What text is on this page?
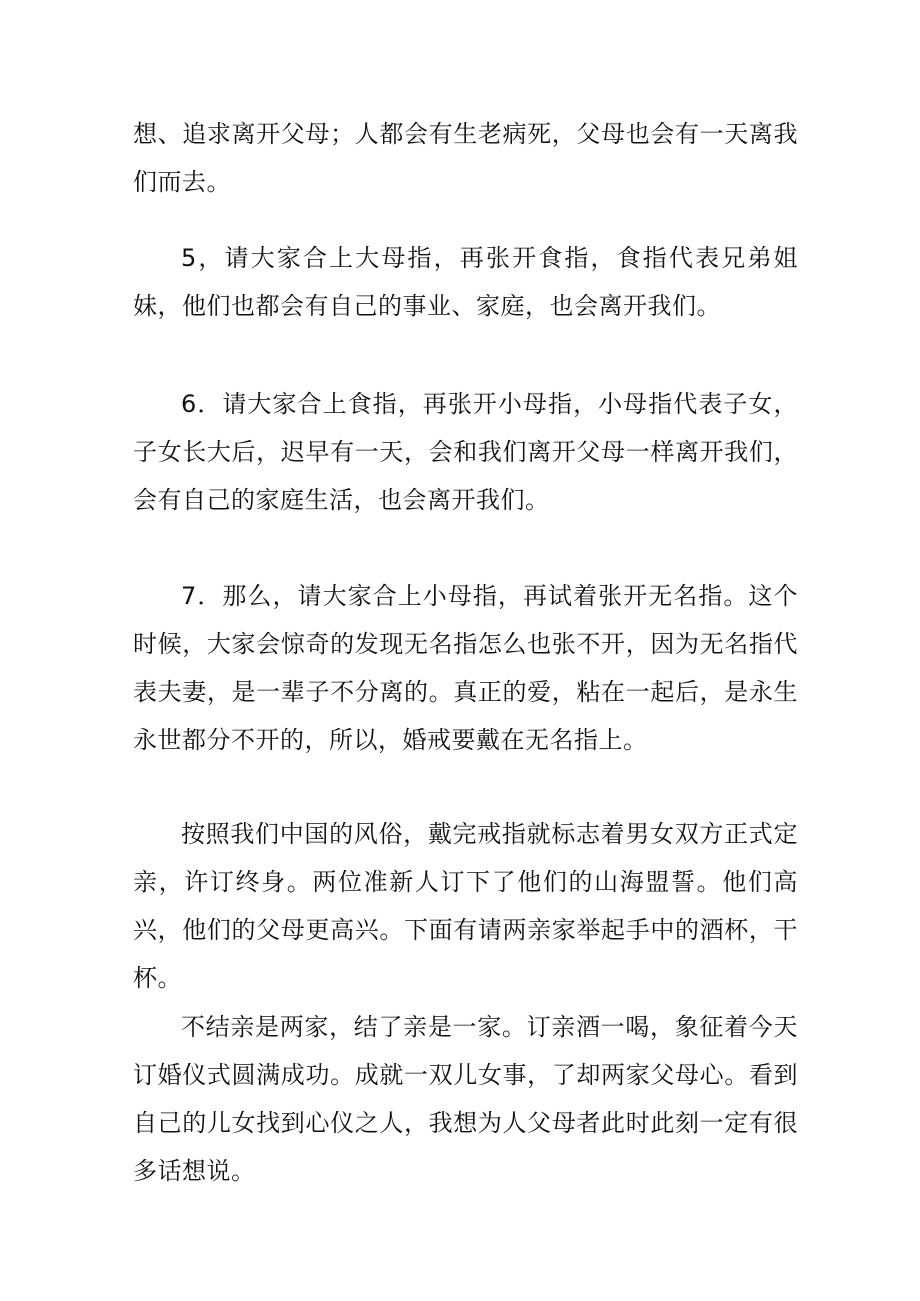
想、追求离开父母；人都会有生老病死，父母也会有一天离我们而去。

5，请大家合上大母指，再张开食指，食指代表兄弟姐妹，他们也都会有自己的事业、家庭，也会离开我们。

6．请大家合上食指，再张开小母指，小母指代表子女，子女长大后，迟早有一天，会和我们离开父母一样离开我们，会有自己的家庭生活，也会离开我们。

7．那么，请大家合上小母指，再试着张开无名指。这个时候，大家会惊奇的发现无名指怎么也张不开，因为无名指代表夫妻，是一辈子不分离的。真正的爱，粘在一起后，是永生永世都分不开的，所以，婚戒要戴在无名指上。

按照我们中国的风俗，戴完戒指就标志着男女双方正式定亲，许订终身。两位准新人订下了他们的山海盟誓。他们高兴，他们的父母更高兴。下面有请两亲家举起手中的酒杯，干杯。

不结亲是两家，结了亲是一家。订亲酒一喝，象征着今天订婚仪式圆满成功。成就一双儿女事，了却两家父母心。看到自己的儿女找到心仪之人，我想为人父母者此时此刻一定有很多话想说。
